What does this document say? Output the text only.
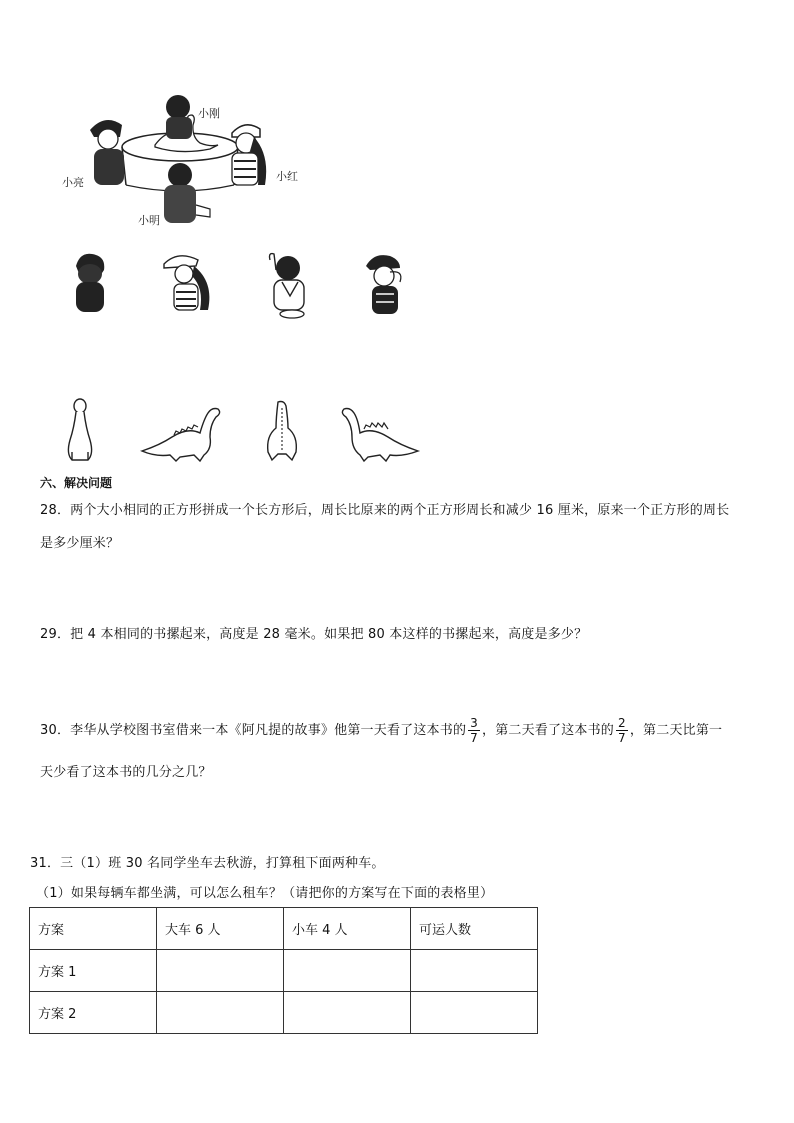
小刚
小亮	小红
小明
六、解决问题
28．两个大小相同的正方形拼成一个长方形后，周长比原来的两个正方形周长和减少 16 厘米，原来一个正方形的周长
是多少厘米？
29．把 4 本相同的书摞起来，高度是 28 毫米。如果把 80 本这样的书摞起来，高度是多少？
30．李华从学校图书室借来一本《阿凡提的故事》他第一天看了这本书的 $\frac{3}{7}$ ，第二天看了这本书的 $\frac{2}{7}$ ，第二天比第一
天少看了这本书的几分之几？
31．三（1）班 30 名同学坐车去秋游，打算租下面两种车。
（1）如果每辆车都坐满，可以怎么租车？（请把你的方案写在下面的表格里）
方案	大车 6 人	小车 4 人	可运人数
方案 1			
方案 2			
